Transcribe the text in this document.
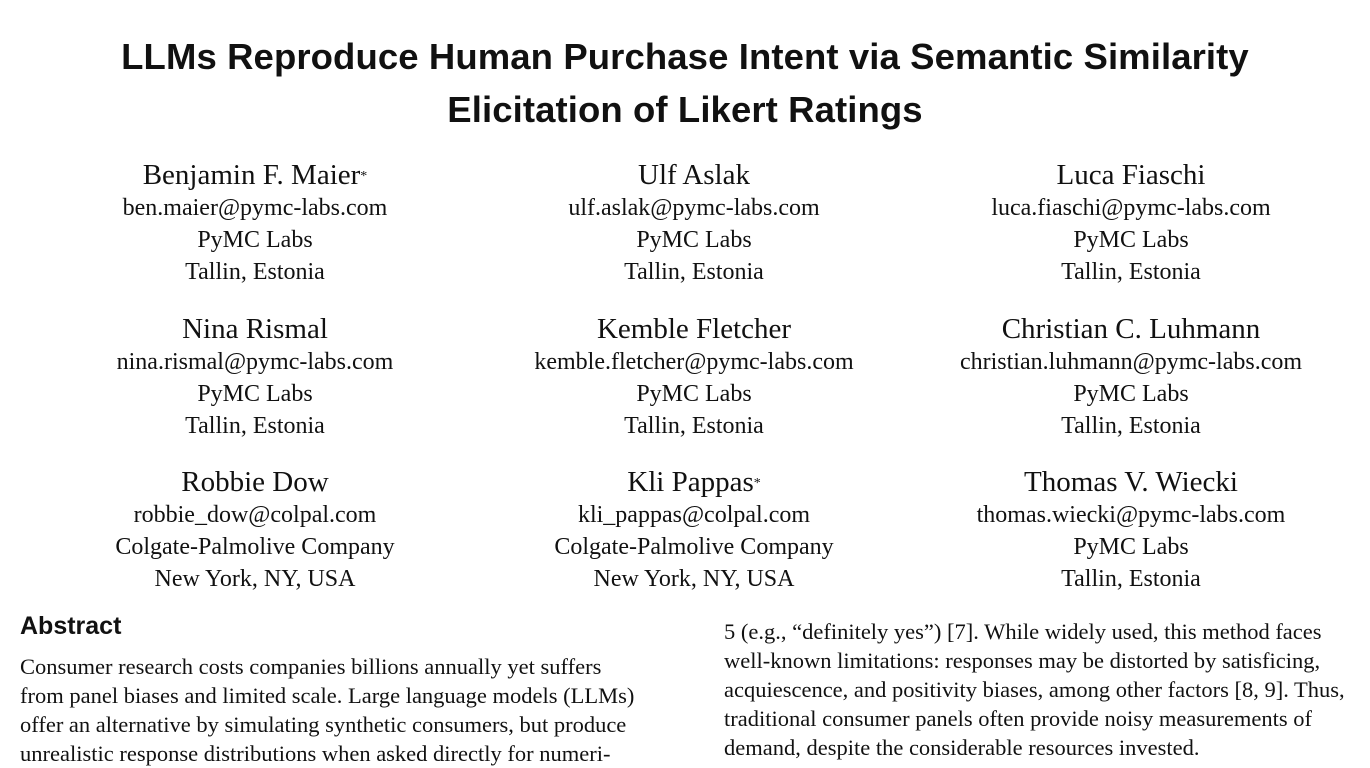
LLMs Reproduce Human Purchase Intent via Semantic Similarity
Elicitation of Likert Ratings
Benjamin F. Maier*
ben.maier@pymc-labs.com
PyMC Labs
Tallin, Estonia
Ulf Aslak
ulf.aslak@pymc-labs.com
PyMC Labs
Tallin, Estonia
Luca Fiaschi
luca.fiaschi@pymc-labs.com
PyMC Labs
Tallin, Estonia
Nina Rismal
nina.rismal@pymc-labs.com
PyMC Labs
Tallin, Estonia
Kemble Fletcher
kemble.fletcher@pymc-labs.com
PyMC Labs
Tallin, Estonia
Christian C. Luhmann
christian.luhmann@pymc-labs.com
PyMC Labs
Tallin, Estonia
Robbie Dow
robbie_dow@colpal.com
Colgate-Palmolive Company
New York, NY, USA
Kli Pappas*
kli_pappas@colpal.com
Colgate-Palmolive Company
New York, NY, USA
Thomas V. Wiecki
thomas.wiecki@pymc-labs.com
PyMC Labs
Tallin, Estonia
Abstract
Consumer research costs companies billions annually yet suffers
from panel biases and limited scale. Large language models (LLMs)
offer an alternative by simulating synthetic consumers, but produce
unrealistic response distributions when asked directly for numeri-
5 (e.g., “definitely yes”) [7]. While widely used, this method faces
well-known limitations: responses may be distorted by satisficing,
acquiescence, and positivity biases, among other factors [8, 9]. Thus,
traditional consumer panels often provide noisy measurements of
demand, despite the considerable resources invested.
